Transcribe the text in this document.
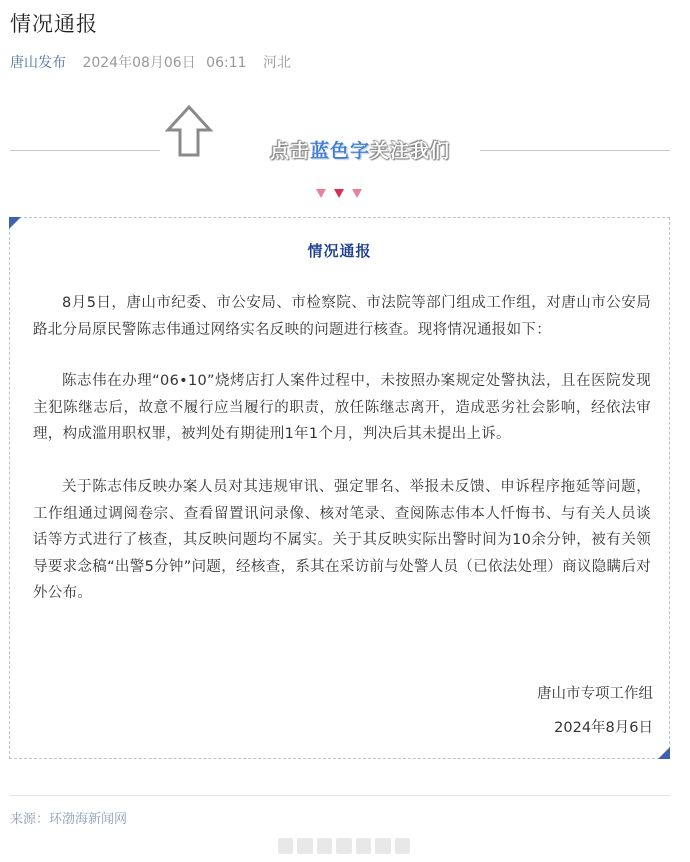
情况通报
唐山发布 2024年08月06日 06:11 河北
点击蓝色字关注我们
情况通报

8月5日，唐山市纪委、市公安局、市检察院、市法院等部门组成工作组，对唐山市公安局路北分局原民警陈志伟通过网络实名反映的问题进行核查。现将情况通报如下：

陈志伟在办理“06•10”烧烤店打人案件过程中，未按照办案规定处警执法，且在医院发现主犯陈继志后，故意不履行应当履行的职责，放任陈继志离开，造成恶劣社会影响，经依法审理，构成滥用职权罪，被判处有期徒刑1年1个月，判决后其未提出上诉。

关于陈志伟反映办案人员对其违规审讯、强定罪名、举报未反馈、申诉程序拖延等问题，工作组通过调阅卷宗、查看留置讯问录像、核对笔录、查阅陈志伟本人忏悔书、与有关人员谈话等方式进行了核查，其反映问题均不属实。关于其反映实际出警时间为10余分钟，被有关领导要求念稿“出警5分钟”问题，经核查，系其在采访前与处警人员（已依法处理）商议隐瞒后对外公布。

唐山市专项工作组
2024年8月6日
来源：环渤海新闻网
